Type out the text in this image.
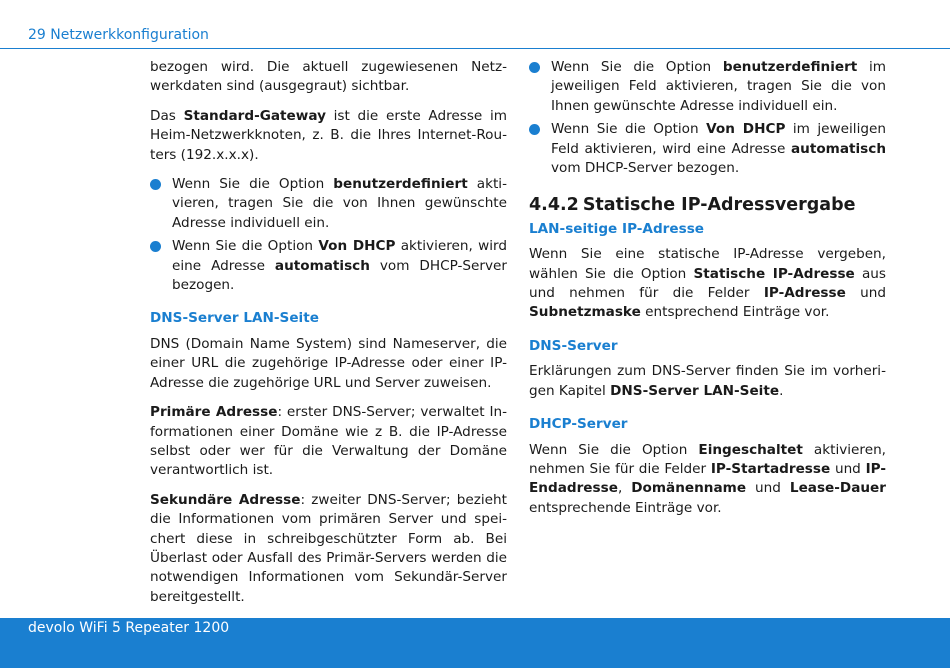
29 Netzwerkkonfiguration

bezogen wird. Die aktuell zugewiesenen Netzwerkdaten sind (ausgegraut) sichtbar.

Das Standard-Gateway ist die erste Adresse im Heim-Netzwerkknoten, z. B. die Ihres Internet-Routers (192.x.x.x).

Wenn Sie die Option benutzerdefiniert aktivieren, tragen Sie die von Ihnen gewünschte Adresse individuell ein.
Wenn Sie die Option Von DHCP aktivieren, wird eine Adresse automatisch vom DHCP-Server bezogen.
DNS-Server LAN-Seite

DNS (Domain Name System) sind Nameserver, die einer URL die zugehörige IP-Adresse oder einer IP-Adresse die zugehörige URL und Server zuweisen.

Primäre Adresse: erster DNS-Server; verwaltet Informationen einer Domäne wie z B. die IP-Adresse selbst oder wer für die Verwaltung der Domäne verantwortlich ist.

Sekundäre Adresse: zweiter DNS-Server; bezieht die Informationen vom primären Server und speichert diese in schreibgeschützter Form ab. Bei Überlast oder Ausfall des Primär-Servers werden die notwendigen Informationen vom Sekundär-Server bereitgestellt.

Wenn Sie die Option benutzerdefiniert im jeweiligen Feld aktivieren, tragen Sie die von Ihnen gewünschte Adresse individuell ein.
Wenn Sie die Option Von DHCP im jeweiligen Feld aktivieren, wird eine Adresse automatisch vom DHCP-Server bezogen.
4.4.2 Statische IP-Adressvergabe
LAN-seitige IP-Adresse

Wenn Sie eine statische IP-Adresse vergeben, wählen Sie die Option Statische IP-Adresse aus und nehmen für die Felder IP-Adresse und Subnetzmaske entsprechend Einträge vor.

DNS-Server

Erklärungen zum DNS-Server finden Sie im vorherigen Kapitel DNS-Server LAN-Seite.

DHCP-Server

Wenn Sie die Option Eingeschaltet aktivieren, nehmen Sie für die Felder IP-Startadresse und IP-Endadresse, Domänenname und Lease-Dauer entsprechende Einträge vor.

devolo WiFi 5 Repeater 1200
